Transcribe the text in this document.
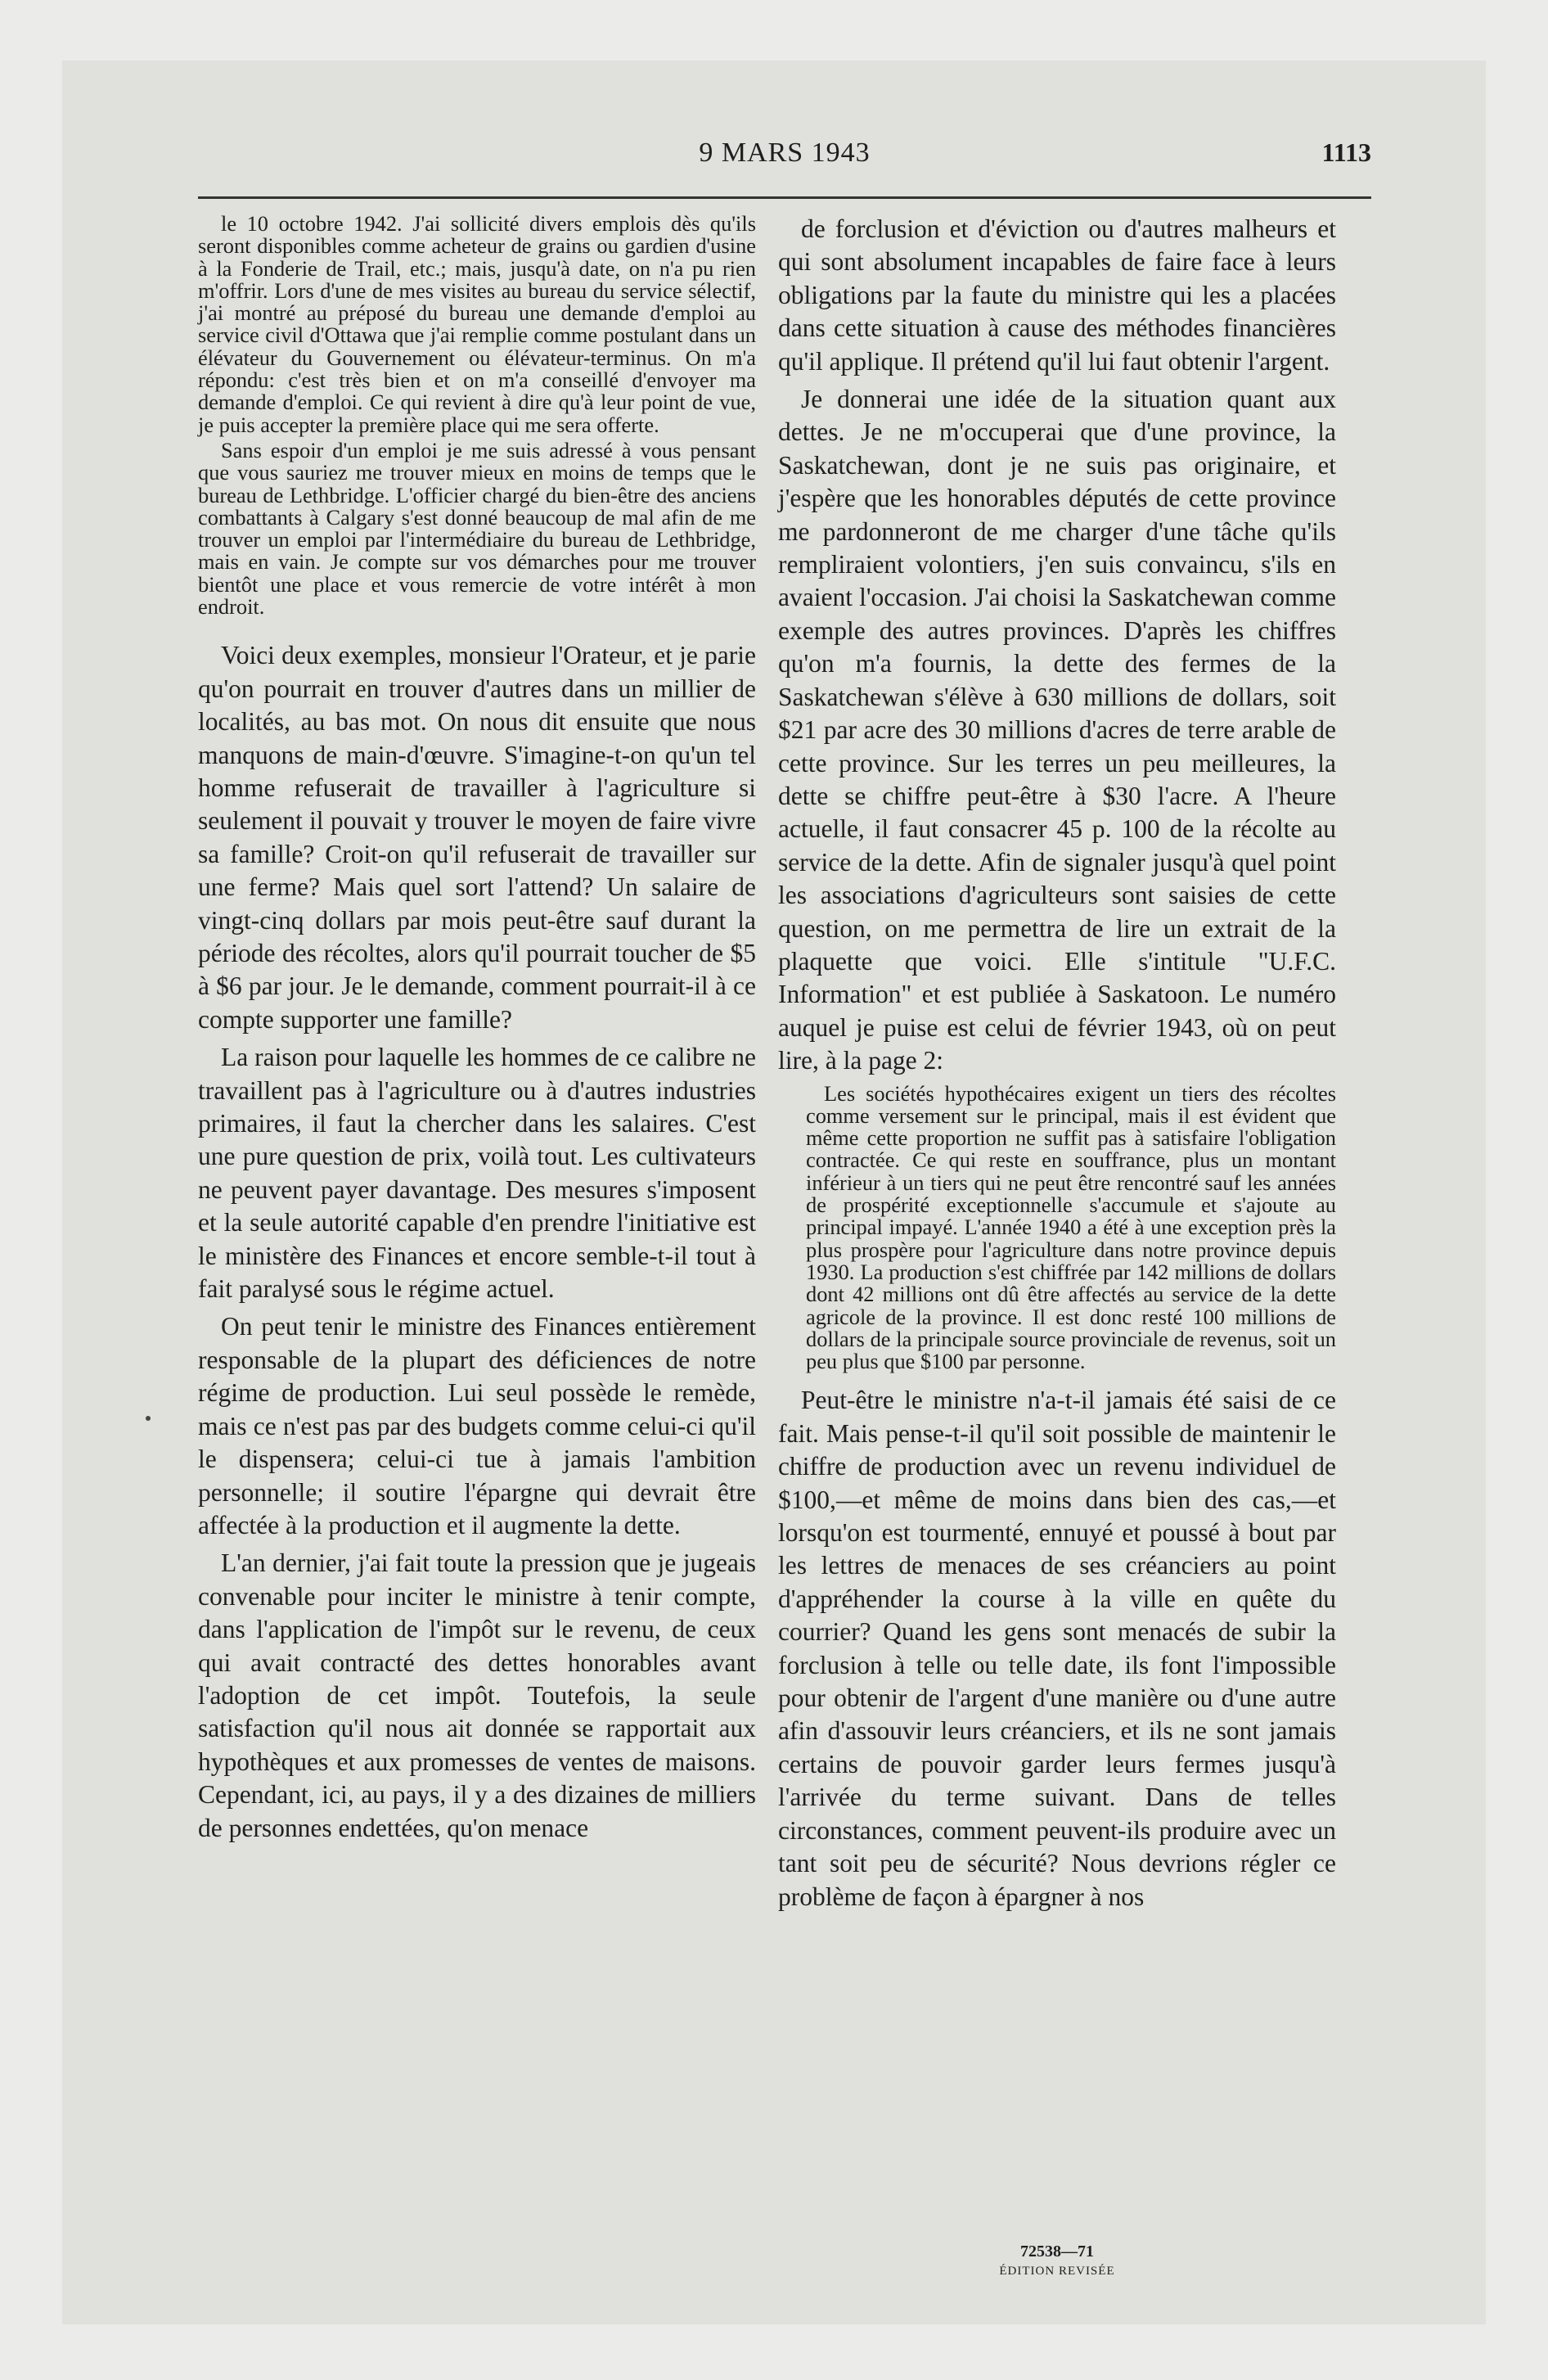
9 MARS 1943	1113

le 10 octobre 1942. J'ai sollicité divers emplois dès qu'ils seront disponibles comme acheteur de grains ou gardien d'usine à la Fonderie de Trail, etc.; mais, jusqu'à date, on n'a pu rien m'offrir. Lors d'une de mes visites au bureau du service sélectif, j'ai montré au préposé du bureau une demande d'emploi au service civil d'Ottawa que j'ai remplie comme postulant dans un élévateur du Gouvernement ou élévateur-terminus. On m'a répondu: c'est très bien et on m'a conseillé d'envoyer ma demande d'emploi. Ce qui revient à dire qu'à leur point de vue, je puis accepter la première place qui me sera offerte.

Sans espoir d'un emploi je me suis adressé à vous pensant que vous sauriez me trouver mieux en moins de temps que le bureau de Lethbridge. L'officier chargé du bien-être des anciens combattants à Calgary s'est donné beaucoup de mal afin de me trouver un emploi par l'intermédiaire du bureau de Lethbridge, mais en vain. Je compte sur vos démarches pour me trouver bientôt une place et vous remercie de votre intérêt à mon endroit.

Voici deux exemples, monsieur l'Orateur, et je parie qu'on pourrait en trouver d'autres dans un millier de localités, au bas mot. On nous dit ensuite que nous manquons de main-d'œuvre. S'imagine-t-on qu'un tel homme refuserait de travailler à l'agriculture si seulement il pouvait y trouver le moyen de faire vivre sa famille? Croit-on qu'il refuserait de travailler sur une ferme? Mais quel sort l'attend? Un salaire de vingt-cinq dollars par mois peut-être sauf durant la période des récoltes, alors qu'il pourrait toucher de $5 à $6 par jour. Je le demande, comment pourrait-il à ce compte supporter une famille?

La raison pour laquelle les hommes de ce calibre ne travaillent pas à l'agriculture ou à d'autres industries primaires, il faut la chercher dans les salaires. C'est une pure question de prix, voilà tout. Les cultivateurs ne peuvent payer davantage. Des mesures s'imposent et la seule autorité capable d'en prendre l'initiative est le ministère des Finances et encore semble-t-il tout à fait paralysé sous le régime actuel.

On peut tenir le ministre des Finances entièrement responsable de la plupart des déficiences de notre régime de production. Lui seul possède le remède, mais ce n'est pas par des budgets comme celui-ci qu'il le dispensera; celui-ci tue à jamais l'ambition personnelle; il soutire l'épargne qui devrait être affectée à la production et il augmente la dette.

L'an dernier, j'ai fait toute la pression que je jugeais convenable pour inciter le ministre à tenir compte, dans l'application de l'impôt sur le revenu, de ceux qui avait contracté des dettes honorables avant l'adoption de cet impôt. Toutefois, la seule satisfaction qu'il nous ait donnée se rapportait aux hypothèques et aux promesses de ventes de maisons. Cependant, ici, au pays, il y a des dizaines de milliers de personnes endettées, qu'on menace

de forclusion et d'éviction ou d'autres malheurs et qui sont absolument incapables de faire face à leurs obligations par la faute du ministre qui les a placées dans cette situation à cause des méthodes financières qu'il applique. Il prétend qu'il lui faut obtenir l'argent.

Je donnerai une idée de la situation quant aux dettes. Je ne m'occuperai que d'une province, la Saskatchewan, dont je ne suis pas originaire, et j'espère que les honorables députés de cette province me pardonneront de me charger d'une tâche qu'ils rempliraient volontiers, j'en suis convaincu, s'ils en avaient l'occasion. J'ai choisi la Saskatchewan comme exemple des autres provinces. D'après les chiffres qu'on m'a fournis, la dette des fermes de la Saskatchewan s'élève à 630 millions de dollars, soit $21 par acre des 30 millions d'acres de terre arable de cette province. Sur les terres un peu meilleures, la dette se chiffre peut-être à $30 l'acre. A l'heure actuelle, il faut consacrer 45 p. 100 de la récolte au service de la dette. Afin de signaler jusqu'à quel point les associations d'agriculteurs sont saisies de cette question, on me permettra de lire un extrait de la plaquette que voici. Elle s'intitule "U.F.C. Information" et est publiée à Saskatoon. Le numéro auquel je puise est celui de février 1943, où on peut lire, à la page 2:

Les sociétés hypothécaires exigent un tiers des récoltes comme versement sur le principal, mais il est évident que même cette proportion ne suffit pas à satisfaire l'obligation contractée. Ce qui reste en souffrance, plus un montant inférieur à un tiers qui ne peut être rencontré sauf les années de prospérité exceptionnelle s'accumule et s'ajoute au principal impayé. L'année 1940 a été à une exception près la plus prospère pour l'agriculture dans notre province depuis 1930. La production s'est chiffrée par 142 millions de dollars dont 42 millions ont dû être affectés au service de la dette agricole de la province. Il est donc resté 100 millions de dollars de la principale source provinciale de revenus, soit un peu plus que $100 par personne.

Peut-être le ministre n'a-t-il jamais été saisi de ce fait. Mais pense-t-il qu'il soit possible de maintenir le chiffre de production avec un revenu individuel de $100,—et même de moins dans bien des cas,—et lorsqu'on est tourmenté, ennuyé et poussé à bout par les lettres de menaces de ses créanciers au point d'appréhender la course à la ville en quête du courrier? Quand les gens sont menacés de subir la forclusion à telle ou telle date, ils font l'impossible pour obtenir de l'argent d'une manière ou d'une autre afin d'assouvir leurs créanciers, et ils ne sont jamais certains de pouvoir garder leurs fermes jusqu'à l'arrivée du terme suivant. Dans de telles circonstances, comment peuvent-ils produire avec un tant soit peu de sécurité? Nous devrions régler ce problème de façon à épargner à nos

72538—71
ÉDITION REVISÉE
